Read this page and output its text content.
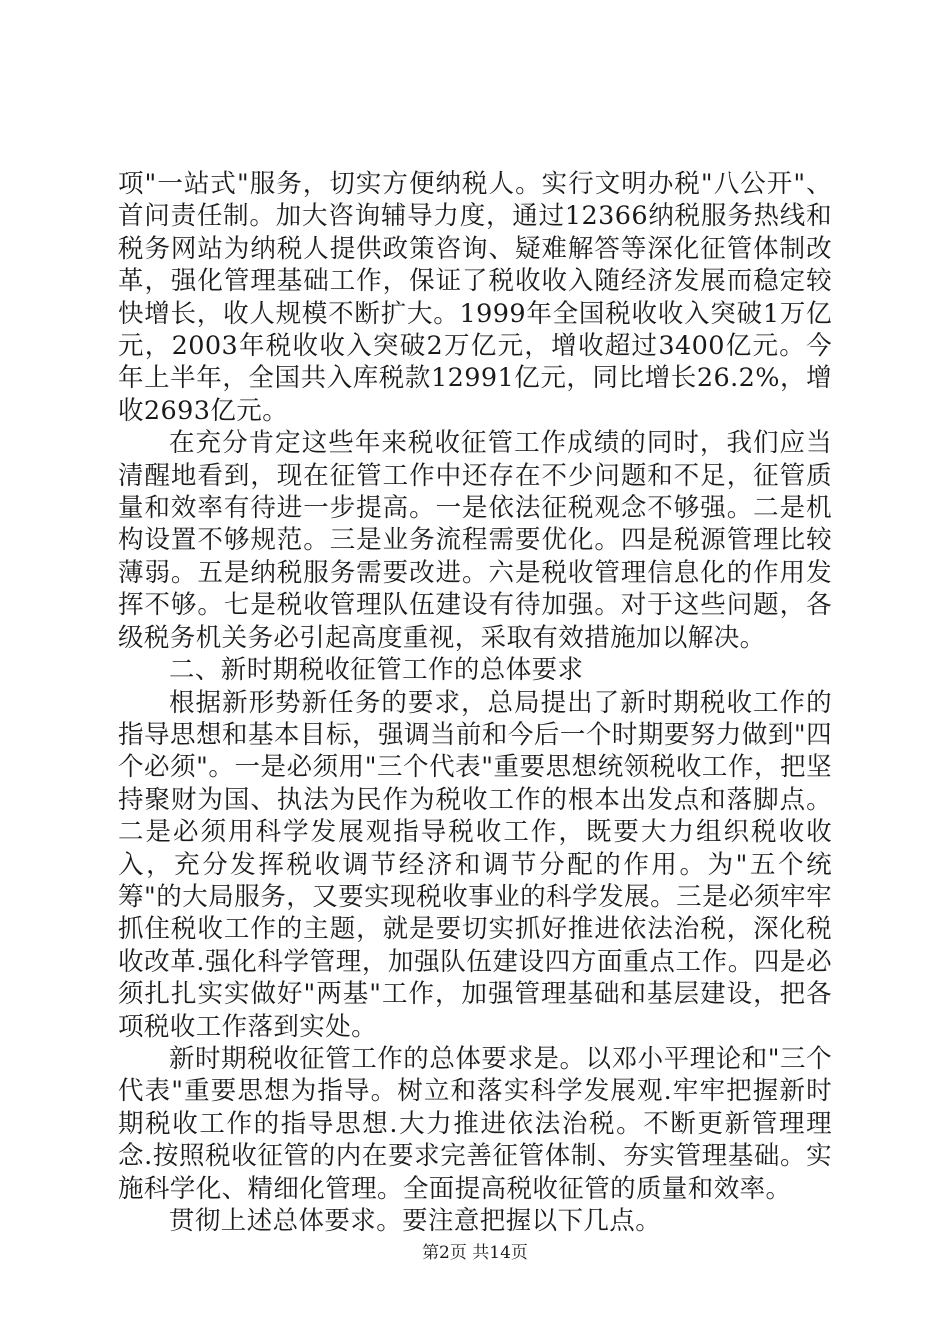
项"一站式"服务，切实方便纳税人。实行文明办税"八公开"、首问责任制。加大咨询辅导力度，通过12366纳税服务热线和税务网站为纳税人提供政策咨询、疑难解答等深化征管体制改革，强化管理基础工作，保证了税收收入随经济发展而稳定较快增长，收人规模不断扩大。1999年全国税收收入突破1万亿元，2003年税收收入突破2万亿元，增收超过3400亿元。今年上半年，全国共入库税款12991亿元，同比增长26.2%，增收2693亿元。

在充分肯定这些年来税收征管工作成绩的同时，我们应当清醒地看到，现在征管工作中还存在不少问题和不足，征管质量和效率有待进一步提高。一是依法征税观念不够强。二是机构设置不够规范。三是业务流程需要优化。四是税源管理比较薄弱。五是纳税服务需要改进。六是税收管理信息化的作用发挥不够。七是税收管理队伍建设有待加强。对于这些问题，各级税务机关务必引起高度重视，采取有效措施加以解决。

二、新时期税收征管工作的总体要求

根据新形势新任务的要求，总局提出了新时期税收工作的指导思想和基本目标，强调当前和今后一个时期要努力做到"四个必须"。一是必须用"三个代表"重要思想统领税收工作，把坚持聚财为国、执法为民作为税收工作的根本出发点和落脚点。二是必须用科学发展观指导税收工作，既要大力组织税收收入，充分发挥税收调节经济和调节分配的作用。为"五个统筹"的大局服务，又要实现税收事业的科学发展。三是必须牢牢抓住税收工作的主题，就是要切实抓好推进依法治税，深化税收改革.强化科学管理，加强队伍建设四方面重点工作。四是必须扎扎实实做好"两基"工作，加强管理基础和基层建设，把各项税收工作落到实处。

新时期税收征管工作的总体要求是。以邓小平理论和"三个代表"重要思想为指导。树立和落实科学发展观.牢牢把握新时期税收工作的指导思想.大力推进依法治税。不断更新管理理念.按照税收征管的内在要求完善征管体制、夯实管理基础。实施科学化、精细化管理。全面提高税收征管的质量和效率。

贯彻上述总体要求。要注意把握以下几点。

第2页 共14页
